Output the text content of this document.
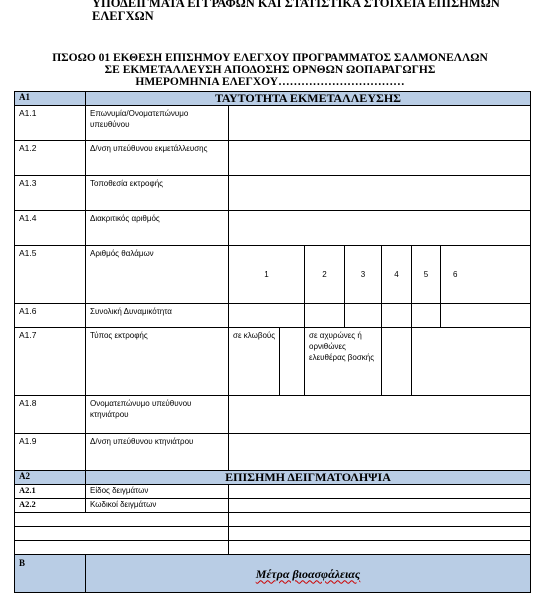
ΥΠΟΔΕΙΓΜΑΤΑ ΕΓΓΡΑΦΩΝ ΚΑΙ ΣΤΑΤΙΣΤΙΚΑ ΣΤΟΙΧΕΙΑ ΕΠΙΣΗΜΩΝ ΕΛΕΓΧΩΝ
ΠΣΟΩΟ 01 ΕΚΘΕΣΗ ΕΠΙΣΗΜΟΥ ΕΛΕΓΧΟΥ ΠΡΟΓΡΑΜΜΑΤΟΣ ΣΑΛΜΟΝΕΛΛΩΝ
ΣΕ ΕΚΜΕΤΑΛΛΕΥΣΗ ΑΠΟΔΟΣΗΣ ΟΡΝΘΩΝ ΩΟΠΑΡΑΓΩΓΗΣ
ΗΜΕΡΟΜΗΝΙΑ ΕΛΕΓΧΟΥ……………………………
A1	ΤΑΥΤΟΤΗΤΑ ΕΚΜΕΤΑΛΛΕΥΣΗΣ							
A1.1	Επωνυμία/Ονοματεπώνυμο υπευθύνου							
A1.2	Δ/νση υπεύθυνου εκμετάλλευσης							
A1.3	Τοποθεσία εκτροφής							
A1.4	Διακριτικός αριθμός							
A1.5	Αριθμός θαλάμων	1		2	3	4	5	6
A1.6	Συνολική Δυναμικότητα							
A1.7	Τύπος εκτροφής	σε κλωβούς		σε αχυρώνες ή ορνιθώνες ελευθέρας βοσκής				
A1.8	Ονοματεπώνυμο υπεύθυνου κτηνιάτρου							
A1.9	Δ/νση υπεύθυνου κτηνιάτρου							
A2	ΕΠΙΣΗΜΗ ΔΕΙΓΜΑΤΟΛΗΨΙΑ							
A2.1	Είδος δειγμάτων							
A2.2	Κωδικοί δειγμάτων							

B	Μέτρα βιοασφάλειας							
